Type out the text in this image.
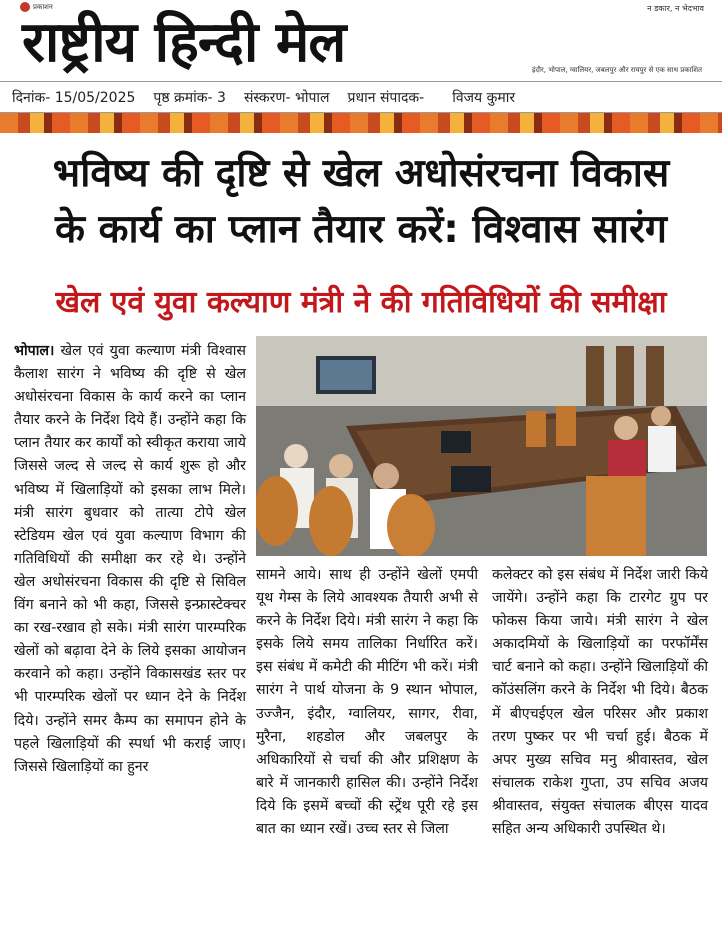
प्रकाशन
राष्ट्रीय हिन्दी मेल
न डकार, न भेदभाव
इंदौर, भोपाल, ग्वालियर, जबलपुर और रायपुर से एक साथ प्रकाशित
दिनांक- 15/05/2025 पृष्ठ क्रमांक- 3 संस्करण- भोपाल प्रधान संपादक- विजय कुमार
भविष्य की दृष्टि से खेल अधोसंरचना विकास
के कार्य का प्लान तैयार करें: विश्वास सारंग
खेल एवं युवा कल्याण मंत्री ने की गतिविधियों की समीक्षा

भोपाल। खेल एवं युवा कल्याण मंत्री विश्वास कैलाश सारंग ने भविष्य की दृष्टि से खेल अधोसंरचना विकास के कार्य करने का प्लान तैयार करने के निर्देश दिये हैं। उन्होंने कहा कि प्लान तैयार कर कार्यों को स्वीकृत कराया जाये जिससे जल्द से जल्द से कार्य शुरू हो और भविष्य में खिलाड़ियों को इसका लाभ मिले। मंत्री सारंग बुधवार को तात्या टोपे खेल स्टेडियम खेल एवं युवा कल्याण विभाग की गतिविधियों की समीक्षा कर रहे थे। उन्होंने खेल अधोसंरचना विकास की दृष्टि से सिविल विंग बनाने को भी कहा, जिससे इन्फ्रास्टेक्चर का रख-रखाव हो सके। मंत्री सारंग पारम्परिक खेलों को बढ़ावा देने के लिये इसका आयोजन करवाने को कहा। उन्होंने विकासखंड स्तर पर भी पारम्परिक खेलों पर ध्यान देने के निर्देश दिये। उन्होंने समर कैम्प का समापन होने के पहले खिलाड़ियों की स्पर्धा भी कराई जाए। जिससे खिलाड़ियों का हुनर

सामने आये। साथ ही उन्होंने खेलों एमपी यूथ गेम्स के लिये आवश्यक तैयारी अभी से करने के निर्देश दिये। मंत्री सारंग ने कहा कि इसके लिये समय तालिका निर्धारित करें। इस संबंध में कमेटी की मीटिंग भी करें। मंत्री सारंग ने पार्थ योजना के 9 स्थान भोपाल, उज्जैन, इंदौर, ग्वालियर, सागर, रीवा, मुरैना, शहडोल और जबलपुर के अधिकारियों से चर्चा की और प्रशिक्षण के बारे में जानकारी हासिल की। उन्होंने निर्देश दिये कि इसमें बच्चों की स्ट्रेंथ पूरी रहे इस बात का ध्यान रखें। उच्च स्तर से जिला

कलेक्टर को इस संबंध में निर्देश जारी किये जायेंगे। उन्होंने कहा कि टारगेट ग्रुप पर फोकस किया जाये। मंत्री सारंग ने खेल अकादमियों के खिलाड़ियों का परफॉर्मेंस चार्ट बनाने को कहा। उन्होंने खिलाड़ियों की कॉउंसलिंग करने के निर्देश भी दिये। बैठक में बीएचईएल खेल परिसर और प्रकाश तरण पुष्कर पर भी चर्चा हुई। बैठक में अपर मुख्य सचिव मनु श्रीवास्तव, खेल संचालक राकेश गुप्ता, उप सचिव अजय श्रीवास्तव, संयुक्त संचालक बीएस यादव सहित अन्य अधिकारी उपस्थित थे।
